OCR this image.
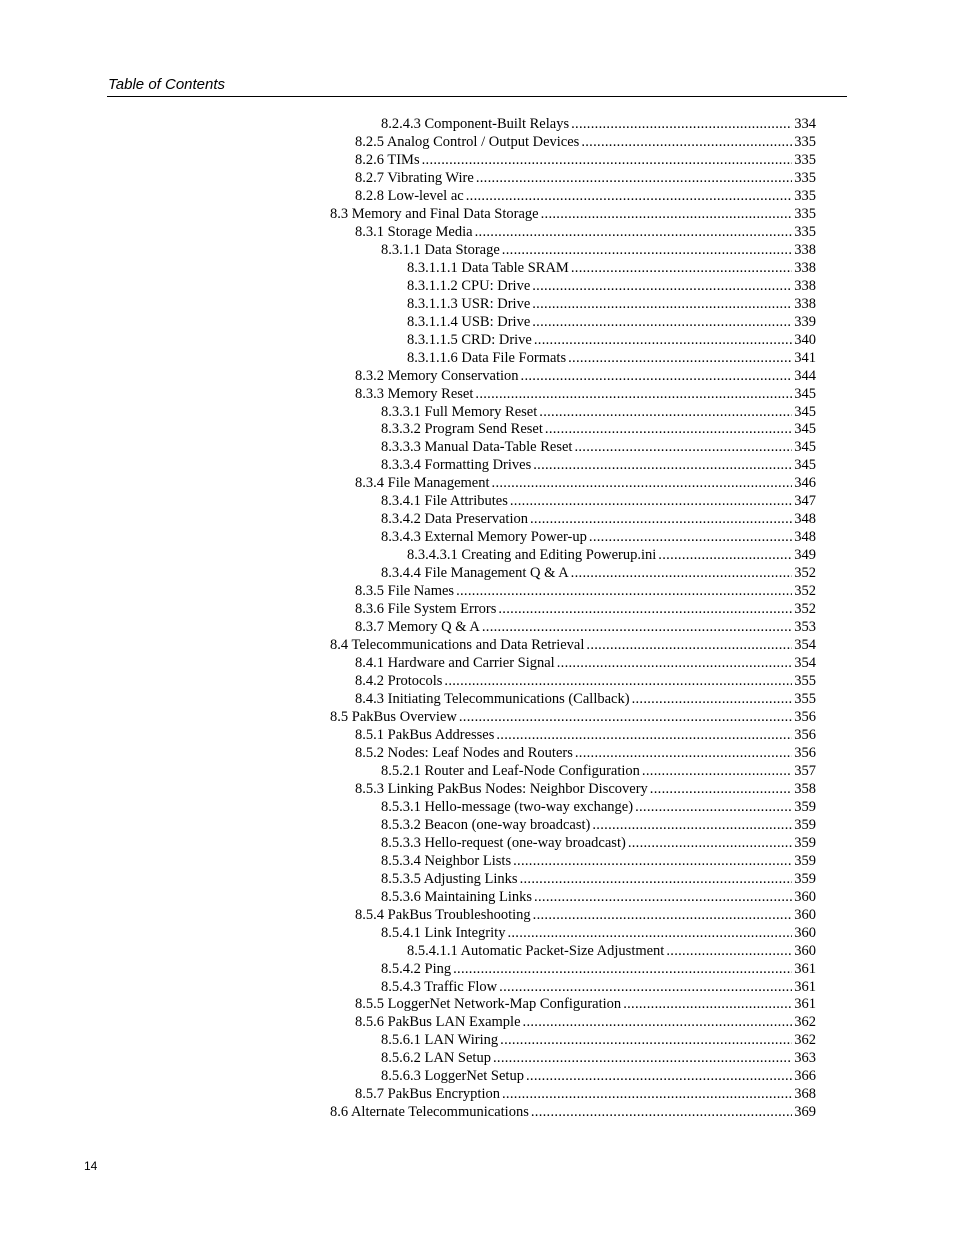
Table of Contents
8.2.4.3 Component-Built Relays .....	334
8.2.5 Analog Control / Output Devices .....	335
8.2.6 TIMs .....	335
8.2.7 Vibrating Wire .....	335
8.2.8 Low-level ac .....	335
8.3 Memory and Final Data Storage .....	335
8.3.1 Storage Media .....	335
8.3.1.1 Data Storage .....	338
8.3.1.1.1 Data Table SRAM .....	338
8.3.1.1.2 CPU: Drive .....	338
8.3.1.1.3 USR: Drive .....	338
8.3.1.1.4 USB: Drive .....	339
8.3.1.1.5 CRD: Drive .....	340
8.3.1.1.6 Data File Formats .....	341
8.3.2 Memory Conservation .....	344
8.3.3 Memory Reset .....	345
8.3.3.1 Full Memory Reset .....	345
8.3.3.2 Program Send Reset .....	345
8.3.3.3 Manual Data-Table Reset .....	345
8.3.3.4 Formatting Drives .....	345
8.3.4 File Management .....	346
8.3.4.1 File Attributes .....	347
8.3.4.2 Data Preservation .....	348
8.3.4.3 External Memory Power-up .....	348
8.3.4.3.1 Creating and Editing Powerup.ini .....	349
8.3.4.4 File Management Q & A .....	352
8.3.5 File Names .....	352
8.3.6 File System Errors .....	352
8.3.7 Memory Q & A .....	353
8.4 Telecommunications and Data Retrieval .....	354
8.4.1 Hardware and Carrier Signal .....	354
8.4.2 Protocols .....	355
8.4.3 Initiating Telecommunications (Callback) .....	355
8.5 PakBus Overview .....	356
8.5.1 PakBus Addresses .....	356
8.5.2 Nodes: Leaf Nodes and Routers .....	356
8.5.2.1 Router and Leaf-Node Configuration .....	357
8.5.3 Linking PakBus Nodes: Neighbor Discovery .....	358
8.5.3.1 Hello-message (two-way exchange) .....	359
8.5.3.2 Beacon (one-way broadcast) .....	359
8.5.3.3 Hello-request (one-way broadcast) .....	359
8.5.3.4 Neighbor Lists .....	359
8.5.3.5 Adjusting Links .....	359
8.5.3.6 Maintaining Links .....	360
8.5.4 PakBus Troubleshooting .....	360
8.5.4.1 Link Integrity .....	360
8.5.4.1.1 Automatic Packet-Size Adjustment .....	360
8.5.4.2 Ping .....	361
8.5.4.3 Traffic Flow .....	361
8.5.5 LoggerNet Network-Map Configuration .....	361
8.5.6 PakBus LAN Example .....	362
8.5.6.1 LAN Wiring .....	362
8.5.6.2 LAN Setup .....	363
8.5.6.3 LoggerNet Setup .....	366
8.5.7 PakBus Encryption .....	368
8.6 Alternate Telecommunications .....	369
14
